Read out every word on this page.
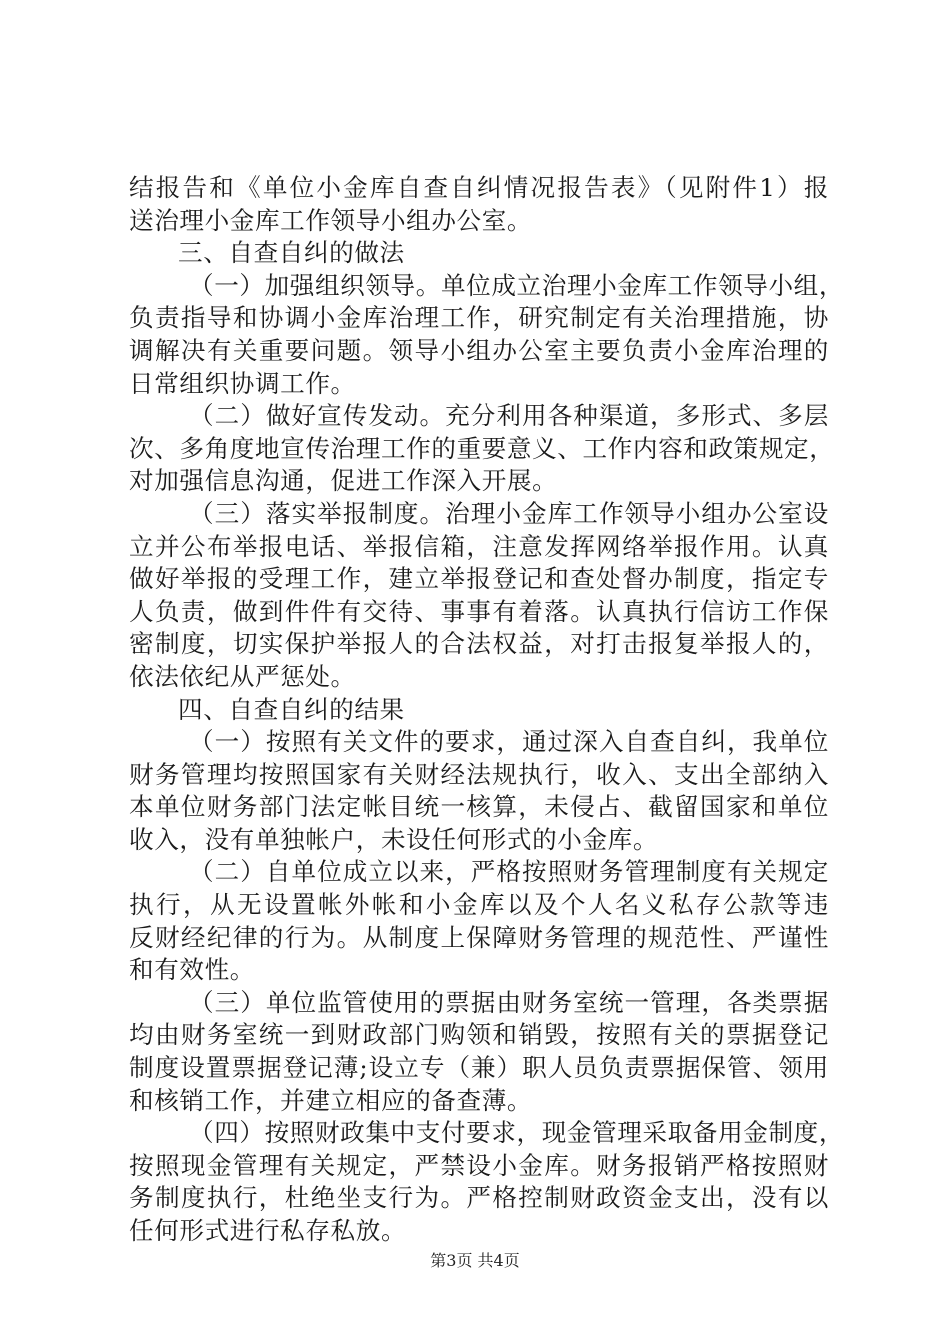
结报告和《单位小金库自查自纠情况报告表》（见附件1）报
送治理小金库工作领导小组办公室。
三、自查自纠的做法
（一）加强组织领导。单位成立治理小金库工作领导小组，
负责指导和协调小金库治理工作，研究制定有关治理措施，协
调解决有关重要问题。领导小组办公室主要负责小金库治理的
日常组织协调工作。
（二）做好宣传发动。充分利用各种渠道，多形式、多层
次、多角度地宣传治理工作的重要意义、工作内容和政策规定，
对加强信息沟通，促进工作深入开展。
（三）落实举报制度。治理小金库工作领导小组办公室设
立并公布举报电话、举报信箱，注意发挥网络举报作用。认真
做好举报的受理工作，建立举报登记和查处督办制度，指定专
人负责，做到件件有交待、事事有着落。认真执行信访工作保
密制度，切实保护举报人的合法权益，对打击报复举报人的，
依法依纪从严惩处。
四、自查自纠的结果
（一）按照有关文件的要求，通过深入自查自纠，我单位
财务管理均按照国家有关财经法规执行，收入、支出全部纳入
本单位财务部门法定帐目统一核算，未侵占、截留国家和单位
收入，没有单独帐户，未设任何形式的小金库。
（二）自单位成立以来，严格按照财务管理制度有关规定
执行，从无设置帐外帐和小金库以及个人名义私存公款等违
反财经纪律的行为。从制度上保障财务管理的规范性、严谨性
和有效性。
（三）单位监管使用的票据由财务室统一管理，各类票据
均由财务室统一到财政部门购领和销毁，按照有关的票据登记
制度设置票据登记薄;设立专（兼）职人员负责票据保管、领用
和核销工作，并建立相应的备查薄。
（四）按照财政集中支付要求，现金管理采取备用金制度，
按照现金管理有关规定，严禁设小金库。财务报销严格按照财
务制度执行，杜绝坐支行为。严格控制财政资金支出，没有以
任何形式进行私存私放。
第3页 共4页
